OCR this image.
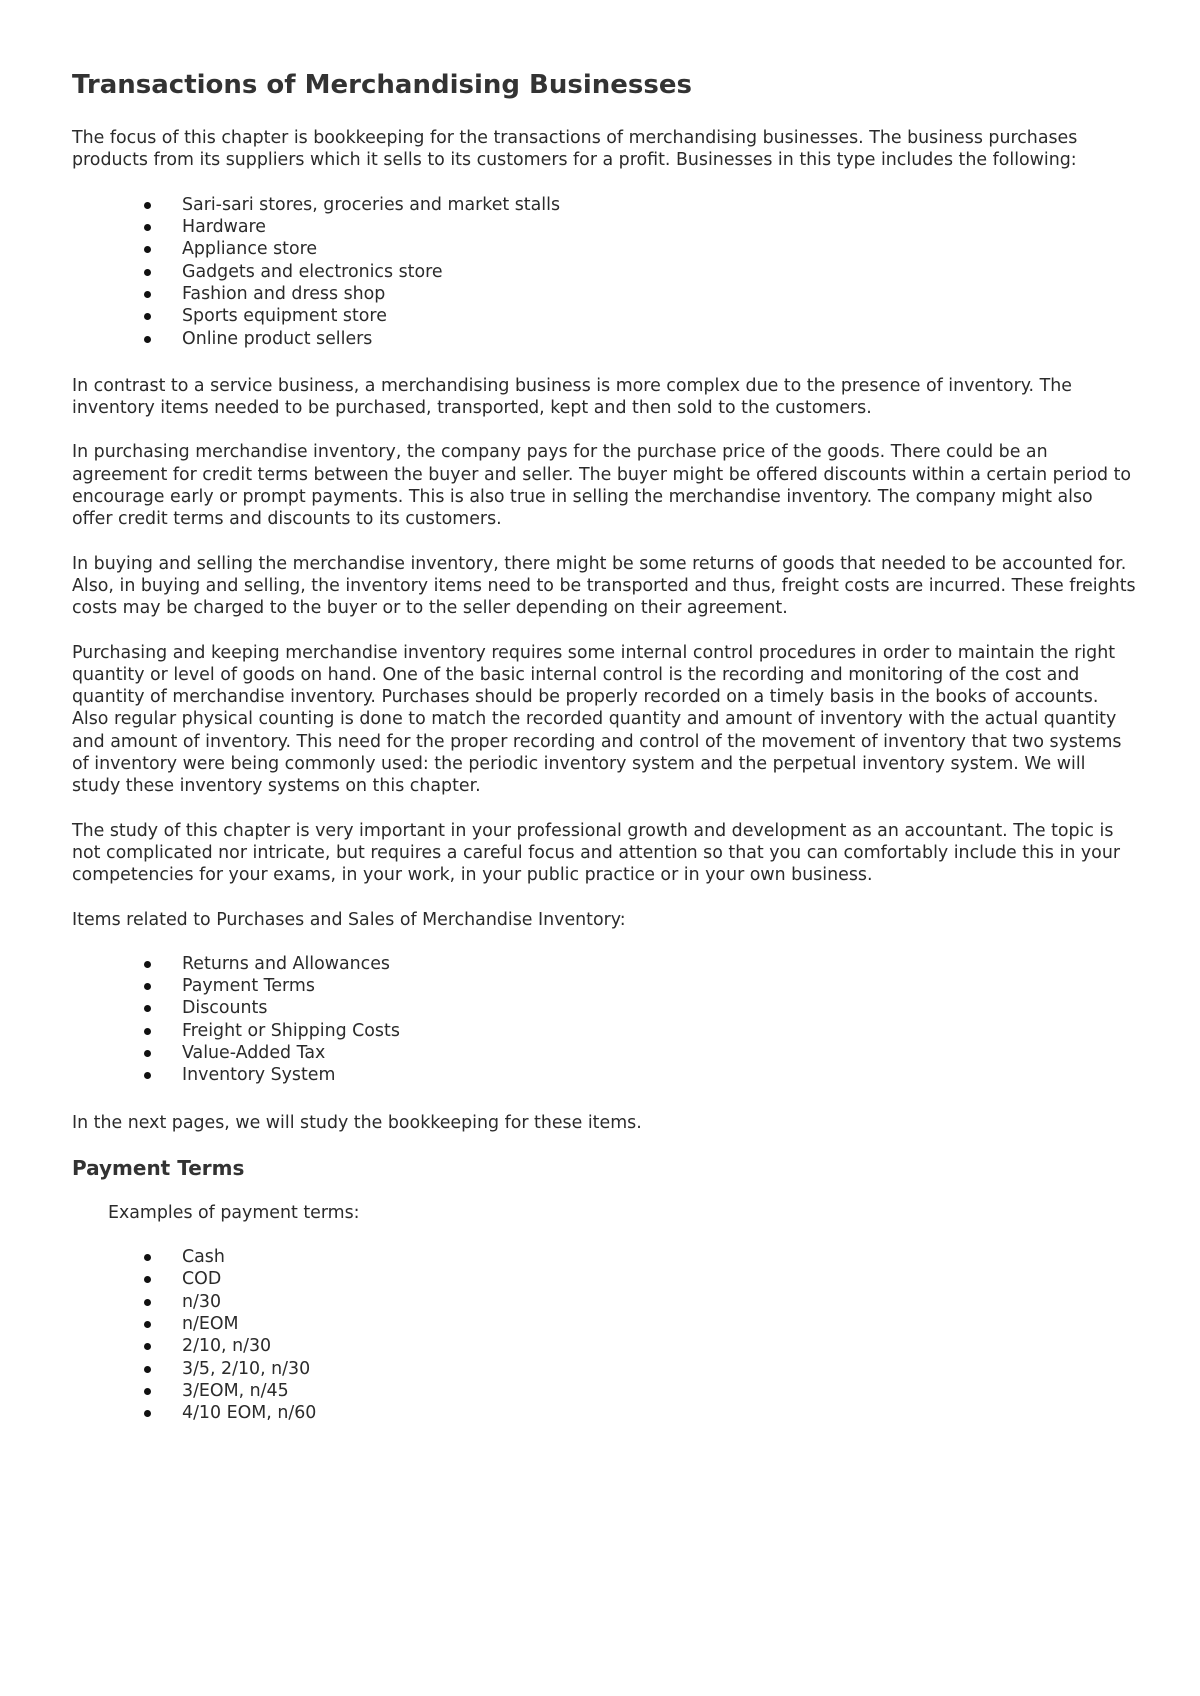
Transactions of Merchandising Businesses

The focus of this chapter is bookkeeping for the transactions of merchandising businesses. The business purchases products from its suppliers which it sells to its customers for a profit. Businesses in this type includes the following:

Sari-sari stores, groceries and market stalls
Hardware
Appliance store
Gadgets and electronics store
Fashion and dress shop
Sports equipment store
Online product sellers

In contrast to a service business, a merchandising business is more complex due to the presence of inventory. The inventory items needed to be purchased, transported, kept and then sold to the customers.

In purchasing merchandise inventory, the company pays for the purchase price of the goods. There could be an agreement for credit terms between the buyer and seller. The buyer might be offered discounts within a certain period to encourage early or prompt payments. This is also true in selling the merchandise inventory. The company might also offer credit terms and discounts to its customers.

In buying and selling the merchandise inventory, there might be some returns of goods that needed to be accounted for. Also, in buying and selling, the inventory items need to be transported and thus, freight costs are incurred. These freights costs may be charged to the buyer or to the seller depending on their agreement.

Purchasing and keeping merchandise inventory requires some internal control procedures in order to maintain the right quantity or level of goods on hand. One of the basic internal control is the recording and monitoring of the cost and quantity of merchandise inventory. Purchases should be properly recorded on a timely basis in the books of accounts. Also regular physical counting is done to match the recorded quantity and amount of inventory with the actual quantity and amount of inventory. This need for the proper recording and control of the movement of inventory that two systems of inventory were being commonly used: the periodic inventory system and the perpetual inventory system. We will study these inventory systems on this chapter.

The study of this chapter is very important in your professional growth and development as an accountant. The topic is not complicated nor intricate, but requires a careful focus and attention so that you can comfortably include this in your competencies for your exams, in your work, in your public practice or in your own business.

Items related to Purchases and Sales of Merchandise Inventory:

Returns and Allowances
Payment Terms
Discounts
Freight or Shipping Costs
Value-Added Tax
Inventory System

In the next pages, we will study the bookkeeping for these items.

Payment Terms

Examples of payment terms:

Cash
COD
n/30
n/EOM
2/10, n/30
3/5, 2/10, n/30
3/EOM, n/45
4/10 EOM, n/60
